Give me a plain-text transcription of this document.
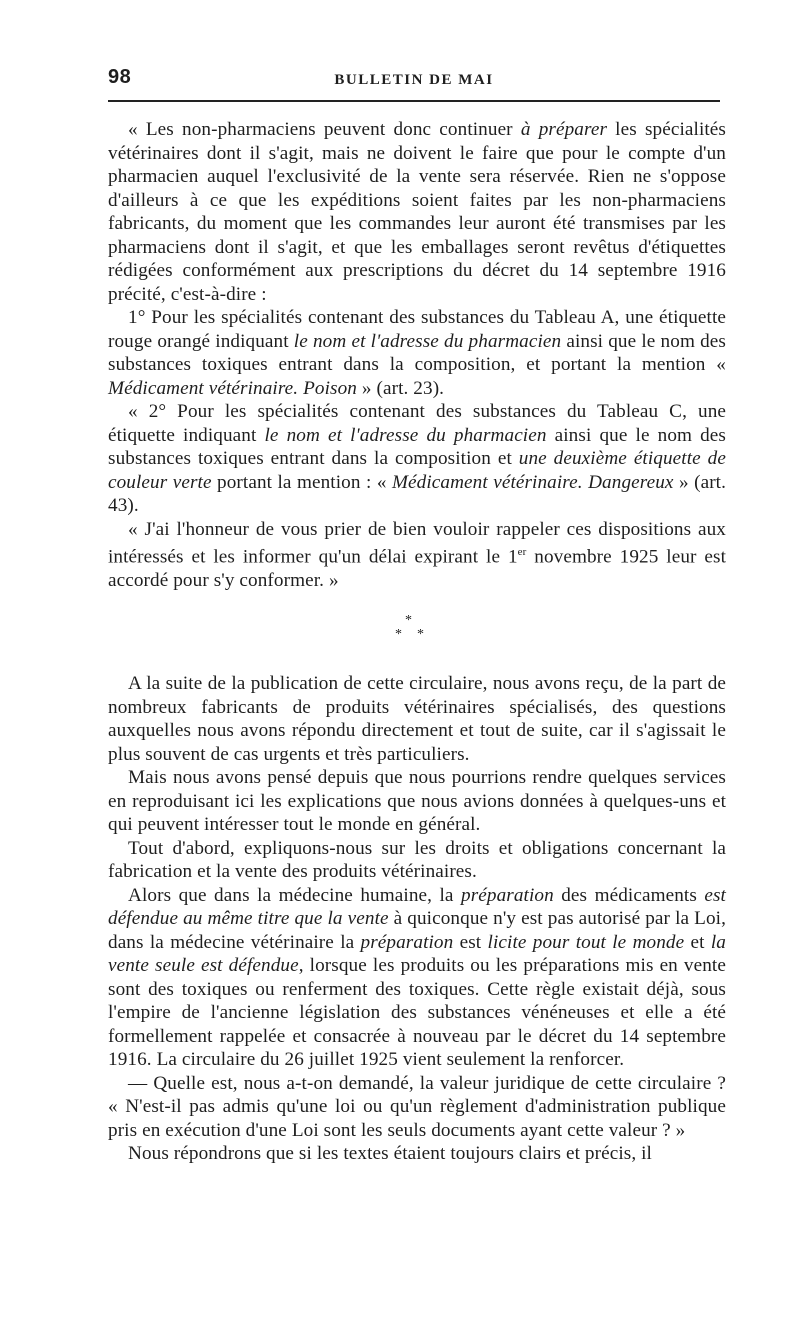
98	BULLETIN DE MAI

« Les non-pharmaciens peuvent donc continuer à préparer les spécialités vétérinaires dont il s'agit, mais ne doivent le faire que pour le compte d'un pharmacien auquel l'exclusivité de la vente sera réservée. Rien ne s'oppose d'ailleurs à ce que les expéditions soient faites par les non-pharmaciens fabricants, du moment que les commandes leur auront été transmises par les pharmaciens dont il s'agit, et que les emballages seront revêtus d'étiquettes rédigées conformément aux prescriptions du décret du 14 septembre 1916 précité, c'est-à-dire :

1° Pour les spécialités contenant des substances du Tableau A, une étiquette rouge orangé indiquant le nom et l'adresse du pharmacien ainsi que le nom des substances toxiques entrant dans la composition, et portant la mention « Médicament vétérinaire. Poison » (art. 23).

« 2° Pour les spécialités contenant des substances du Tableau C, une étiquette indiquant le nom et l'adresse du pharmacien ainsi que le nom des substances toxiques entrant dans la composition et une deuxième étiquette de couleur verte portant la mention : « Médicament vétérinaire. Dangereux » (art. 43).

« J'ai l'honneur de vous prier de bien vouloir rappeler ces dispositions aux intéressés et les informer qu'un délai expirant le 1er novembre 1925 leur est accordé pour s'y conformer. »

*
* *

A la suite de la publication de cette circulaire, nous avons reçu, de la part de nombreux fabricants de produits vétérinaires spécialisés, des questions auxquelles nous avons répondu directement et tout de suite, car il s'agissait le plus souvent de cas urgents et très particuliers.

Mais nous avons pensé depuis que nous pourrions rendre quelques services en reproduisant ici les explications que nous avions données à quelques-uns et qui peuvent intéresser tout le monde en général.

Tout d'abord, expliquons-nous sur les droits et obligations concernant la fabrication et la vente des produits vétérinaires.

Alors que dans la médecine humaine, la préparation des médicaments est défendue au même titre que la vente à quiconque n'y est pas autorisé par la Loi, dans la médecine vétérinaire la préparation est licite pour tout le monde et la vente seule est défendue, lorsque les produits ou les préparations mis en vente sont des toxiques ou renferment des toxiques. Cette règle existait déjà, sous l'empire de l'ancienne législation des substances vénéneuses et elle a été formellement rappelée et consacrée à nouveau par le décret du 14 septembre 1916. La circulaire du 26 juillet 1925 vient seulement la renforcer.

— Quelle est, nous a-t-on demandé, la valeur juridique de cette circulaire ? « N'est-il pas admis qu'une loi ou qu'un règlement d'administration publique pris en exécution d'une Loi sont les seuls documents ayant cette valeur ? »

Nous répondrons que si les textes étaient toujours clairs et précis, il
